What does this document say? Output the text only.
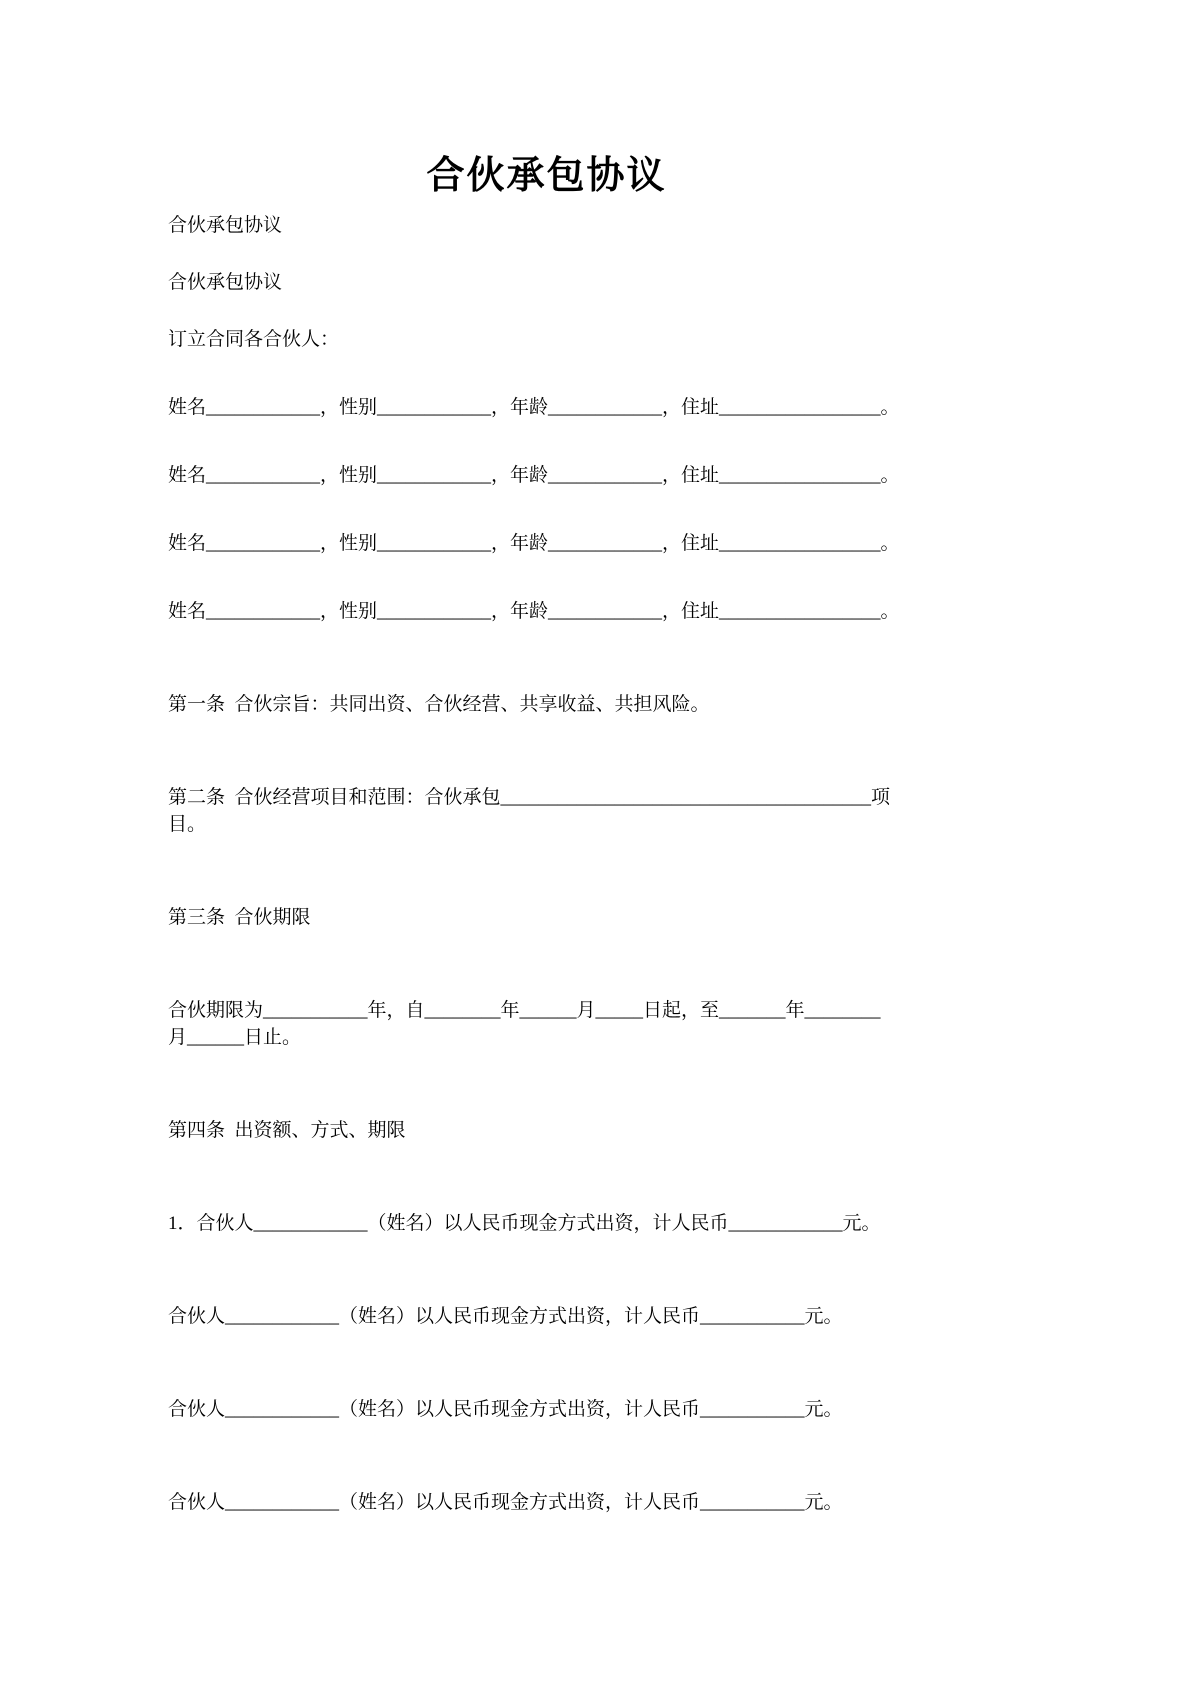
合伙承包协议

合伙承包协议

合伙承包协议

订立合同各合伙人：

姓名____________，性别____________，年龄____________，住址_________________。

姓名____________，性别____________，年龄____________，住址_________________。

姓名____________，性别____________，年龄____________，住址_________________。

姓名____________，性别____________，年龄____________，住址_________________。

第一条  合伙宗旨：共同出资、合伙经营、共享收益、共担风险。

第二条  合伙经营项目和范围：合伙承包_______________________________________项目。

第三条  合伙期限

合伙期限为___________年，自________年______月_____日起，至_______年________
月______日止。

第四条  出资额、方式、期限

1．合伙人____________（姓名）以人民币现金方式出资，计人民币____________元。

合伙人____________（姓名）以人民币现金方式出资，计人民币___________元。

合伙人____________（姓名）以人民币现金方式出资，计人民币___________元。

合伙人____________（姓名）以人民币现金方式出资，计人民币___________元。
